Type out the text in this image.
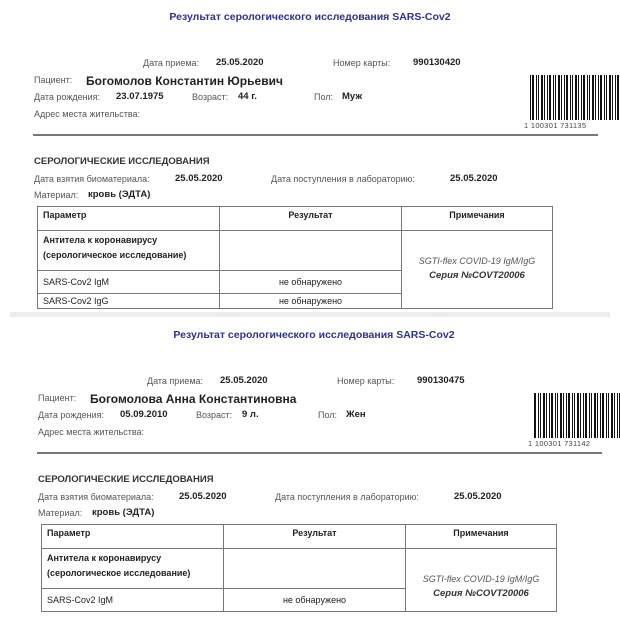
Результат серологического исследования SARS-Cov2
Дата приема: 25.05.2020	Номер карты: 990130420
Пациент: Богомолов Константин Юрьевич
Дата рождения: 23.07.1975	Возраст: 44 г.	Пол: Муж
Адрес места жительства:
1 100301 731135
СЕРОЛОГИЧЕСКИЕ ИССЛЕДОВАНИЯ
Дата взятия биоматериала:	25.05.2020	Дата поступления в лабораторию:	25.05.2020
Материал: кровь (ЭДТА)
Параметр	Результат	Примечания
Антитела к коронавирусу (серологическое исследование)		SGTI-flex COVID-19 IgM/IgG
Серия №COVT20006

SARS-Cov2 IgM	не обнаружено	
SARS-Cov2 IgG	не обнаружено	
Результат серологического исследования SARS-Cov2
Дата приема: 25.05.2020	Номер карты: 990130475
Пациент: Богомолова Анна Константиновна
Дата рождения: 05.09.2010	Возраст: 9 л.	Пол: Жен
Адрес места жительства:
1 100301 731142
СЕРОЛОГИЧЕСКИЕ ИССЛЕДОВАНИЯ
Дата взятия биоматериала:	25.05.2020	Дата поступления в лабораторию:	25.05.2020
Материал: кровь (ЭДТА)
Параметр	Результат	Примечания
Антитела к коронавирусу (серологическое исследование)		SGTI-flex COVID-19 IgM/IgG
Серия №COVT20006

SARS-Cov2 IgM	не обнаружено	
